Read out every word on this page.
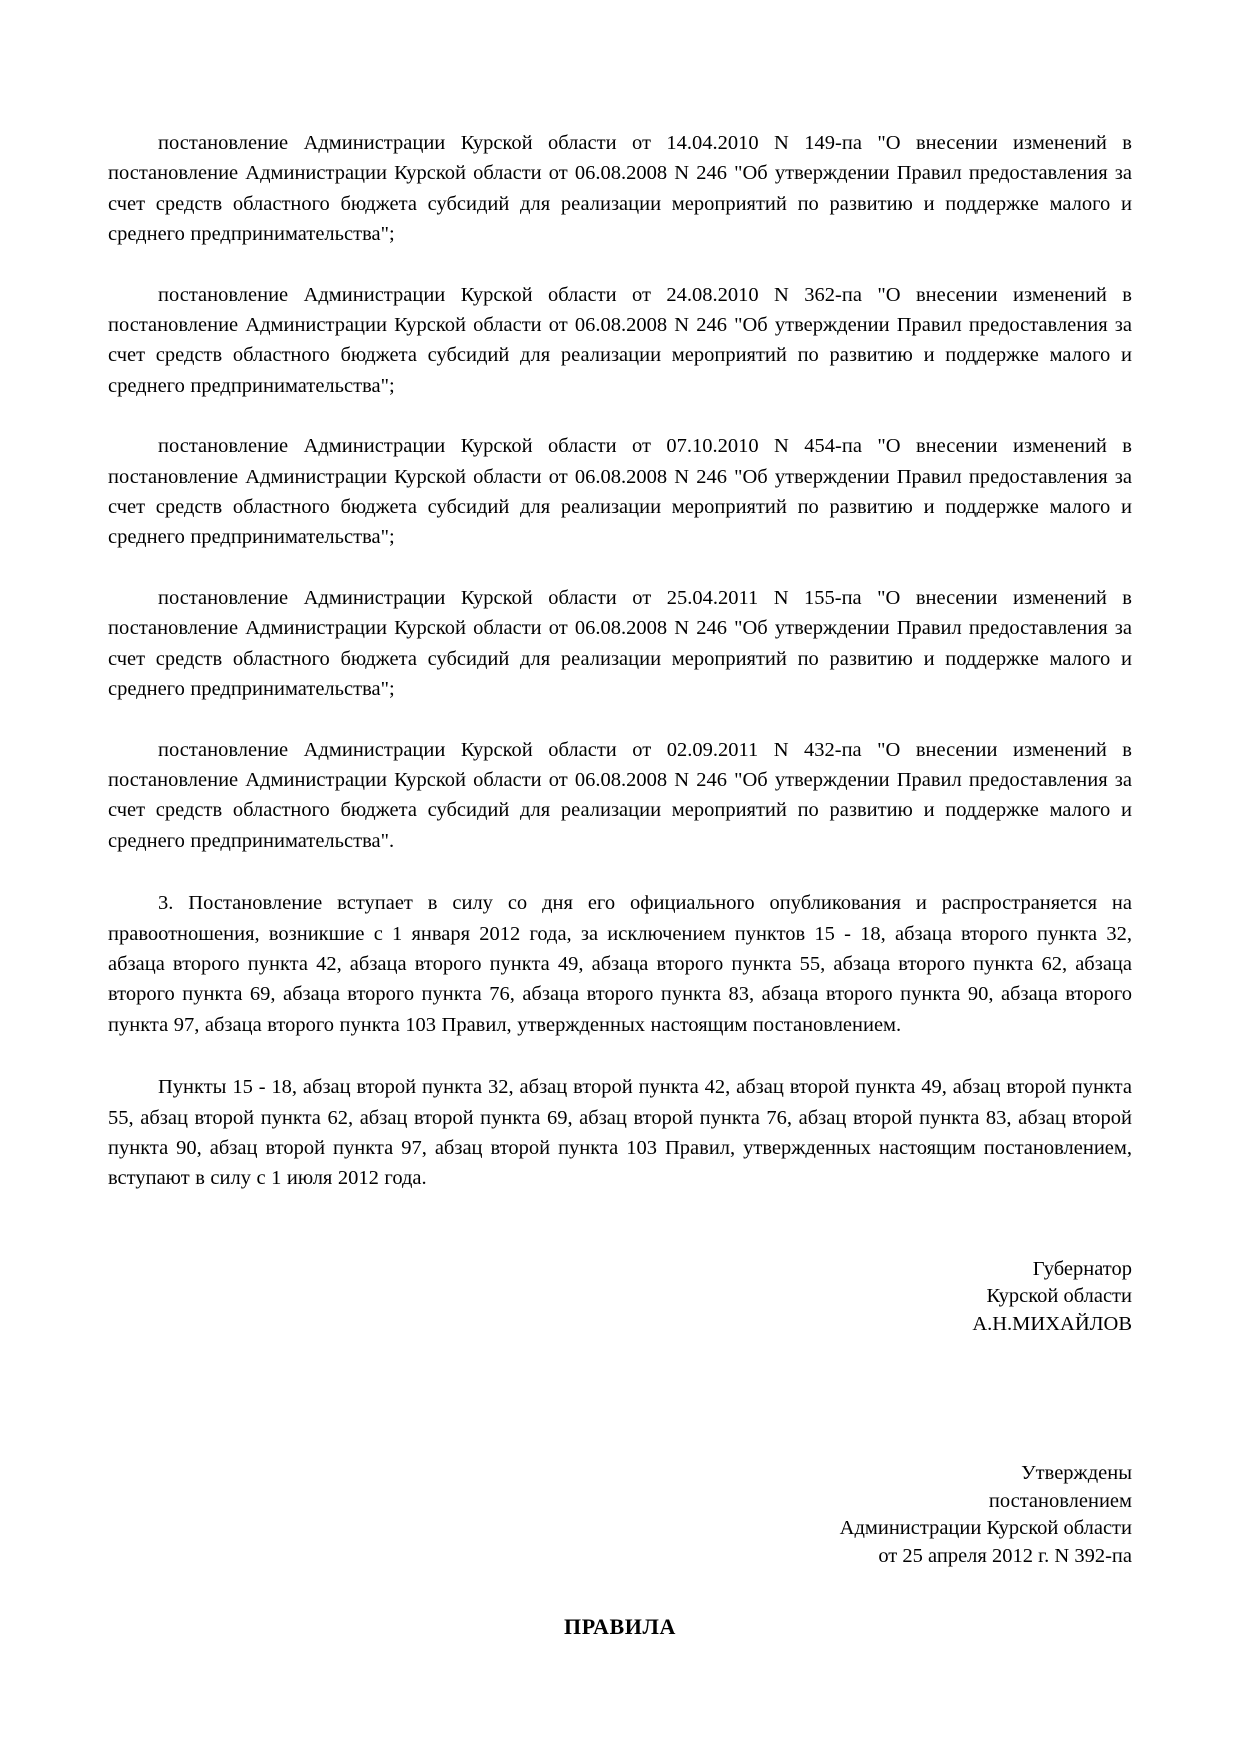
постановление Администрации Курской области от 14.04.2010 N 149-па "О внесении изменений в постановление Администрации Курской области от 06.08.2008 N 246 "Об утверждении Правил предоставления за счет средств областного бюджета субсидий для реализации мероприятий по развитию и поддержке малого и среднего предпринимательства";

постановление Администрации Курской области от 24.08.2010 N 362-па "О внесении изменений в постановление Администрации Курской области от 06.08.2008 N 246 "Об утверждении Правил предоставления за счет средств областного бюджета субсидий для реализации мероприятий по развитию и поддержке малого и среднего предпринимательства";

постановление Администрации Курской области от 07.10.2010 N 454-па "О внесении изменений в постановление Администрации Курской области от 06.08.2008 N 246 "Об утверждении Правил предоставления за счет средств областного бюджета субсидий для реализации мероприятий по развитию и поддержке малого и среднего предпринимательства";

постановление Администрации Курской области от 25.04.2011 N 155-па "О внесении изменений в постановление Администрации Курской области от 06.08.2008 N 246 "Об утверждении Правил предоставления за счет средств областного бюджета субсидий для реализации мероприятий по развитию и поддержке малого и среднего предпринимательства";

постановление Администрации Курской области от 02.09.2011 N 432-па "О внесении изменений в постановление Администрации Курской области от 06.08.2008 N 246 "Об утверждении Правил предоставления за счет средств областного бюджета субсидий для реализации мероприятий по развитию и поддержке малого и среднего предпринимательства".

3. Постановление вступает в силу со дня его официального опубликования и распространяется на правоотношения, возникшие с 1 января 2012 года, за исключением пунктов 15 - 18, абзаца второго пункта 32, абзаца второго пункта 42, абзаца второго пункта 49, абзаца второго пункта 55, абзаца второго пункта 62, абзаца второго пункта 69, абзаца второго пункта 76, абзаца второго пункта 83, абзаца второго пункта 90, абзаца второго пункта 97, абзаца второго пункта 103 Правил, утвержденных настоящим постановлением.

Пункты 15 - 18, абзац второй пункта 32, абзац второй пункта 42, абзац второй пункта 49, абзац второй пункта 55, абзац второй пункта 62, абзац второй пункта 69, абзац второй пункта 76, абзац второй пункта 83, абзац второй пункта 90, абзац второй пункта 97, абзац второй пункта 103 Правил, утвержденных настоящим постановлением, вступают в силу с 1 июля 2012 года.

Губернатор
Курской области
А.Н.МИХАЙЛОВ
Утверждены
постановлением
Администрации Курской области
от 25 апреля 2012 г. N 392-па
ПРАВИЛА
